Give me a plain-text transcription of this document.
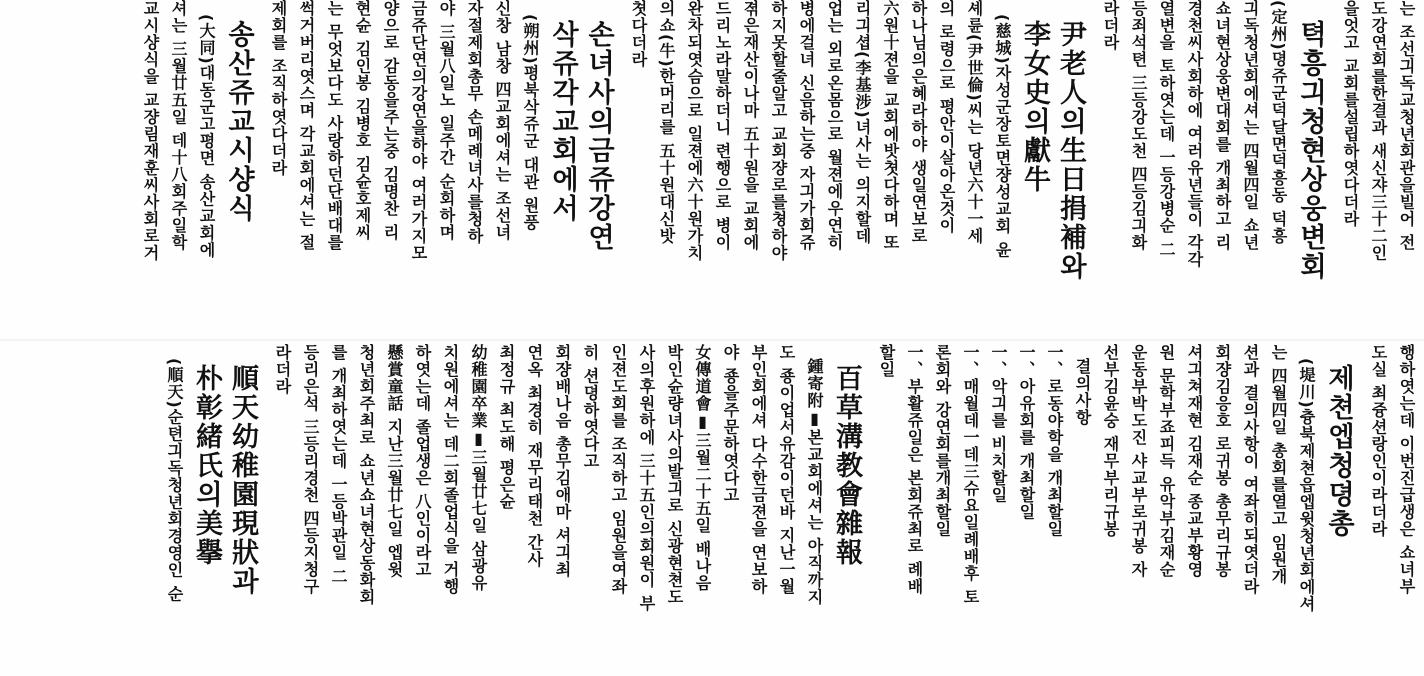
는 조선긔독교청년회관을빌어 전
도강연회를한결과 새신쟈三十二인
을엇고 교회를설립하엿다더라
텩흥긔청현상웅변회
(定州)뎡쥬군덕달면덕흥동 덕흥
긔독청년회에셔는 四월四일 쇼년
쇼녀현상웅변대회를 개최하고 리
경천씨사회하에 여러유년들이 각각
열변을 토하엿는데 一등강병순 二
등죄석텬 三등강도천 四등김긔화
라더라
尹老人의生日捐補와
李女史의獻牛
(慈城)자성군장토면쟝성교회 윤
셰륜(尹世倫)씨는 당년六十一세
의 로령으로 평안이살아온것이
하나님의은혜라하야 생일연보로
六원十젼을 교회에밧쳣다하며 또
리긔셥(李基涉)녀사는 의지할데
업는 외로온몸으로 월젼에우연히
병에걸녀 신음하는중 자긔가회쥬
하지못할줄알고 교회쟝로를쳥하야
젺은재산이나마 五十원을 교회에
드리노라말하더니 련행으로 병이
완차되엿슴으로 일젼에六十원가치
의쇼(牛)한머리를 五十원대신밧
쳣다더라
손녀사의금쥬강연
삭쥬각교회에서
(朔州)평북삭쥬군 대관 원풍
신창 남창 四교회에셔는 조선녀
자절제회총무 손메례녀사를청하
야 三월八일노 일주간 순회하며
금쥬단연의강연을하야 여러가지모
양으로 감동을주는중 김명찬 리
현슌 김인봉 김병호 김슌호제씨
는 무엇보다도 사랑하던단배대를
썩거버리엿스며 각교회에셔는 절
제회를 조직하엿다더라
송산쥬교시샹식
(大同)대동군고평면 송산교회에
셔는 三월廿五일 데十八회주일학
교시샹식을 교쟝림재훈씨사회로거
행하엿는데 이번진급생은 쇼녀부
도실 최즁션랑인이라더라
제쳔엡청뎡총
(堤川)츙북제쳔읍엡윗청년회에셔
는 四월四일 총회를열고 임원개
션과 결의사항이 여좌히되엿더라
회쟝김응호 로귀봉 총무리규봉
셔긔쳐재현 김재순 종교부황영
원 문학부죠피득 유악부김재순
운동부박도진 샤교부로귀봉 자
선부김윤숭 재무부리규봉
결의사항
一、로동야학을 개최할일
一、아유회를 개최할일
一、악긔를 비치할일
一、매월데一데三슈요일례배후 토
론회와 강연회를개최할일
一、부활쥬일은 본회쥬최로 례배
할일
百草溝教會雜報
鍾寄附▮본교회에셔는 아직까지
도 죵이업서유감이던바 지난一월
부인회에셔 다수한금젼을 연보하
야 죵을주문하엿다고
女傳道會▮三월二十五일 배나음
박인슌량녀사의발긔로 신광현쳔도
사의후원하에 三十五인의회원이 부
인젼도회를 조직하고 임원을여좌
히 션뎡하엿다고
회쟝배나음 총무김애마 셔긔최
연옥 최경히 재무리태천 간사
최정규 최도해 평은슌
幼稚園卒業▮三월廿七일 삼광유
치원에셔는 데二회졸업식을 거행
하엿는데 졸업생은 八인이라고
懸賞童話 지난三월廿七일 엡윗
청년회주최로 쇼년쇼녀현상동화회
를 개최하엿는데 一등박관일 二
등리은석 三등리경천 四등지청구
라더라
順天幼稚園現狀과
朴彰緒氏의美擧
(順天)순텬긔독청년회경영인 순
